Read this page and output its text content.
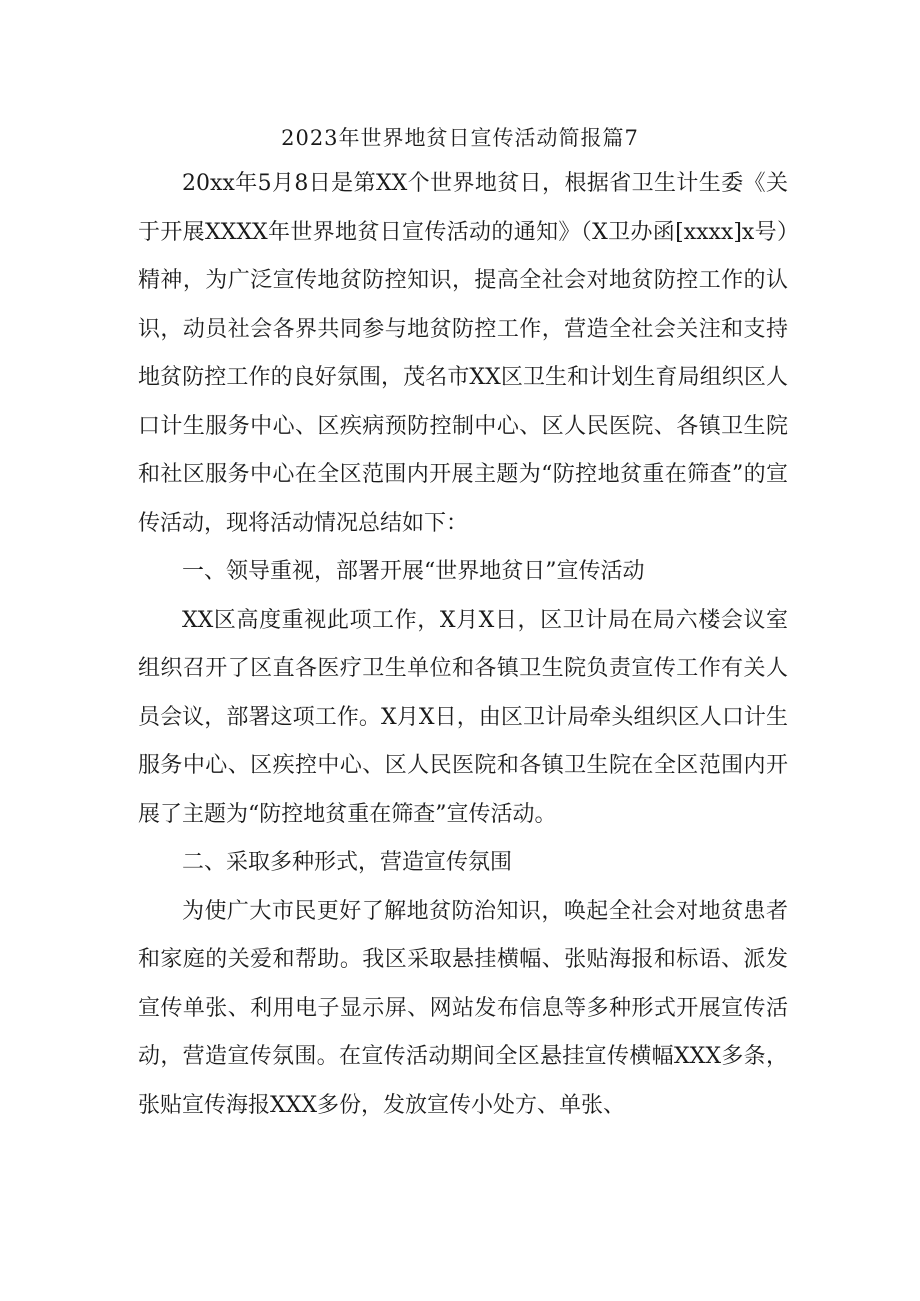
2023年世界地贫日宣传活动简报篇7

20xx年5月8日是第XX个世界地贫日，根据省卫生计生委《关于开展XXXX年世界地贫日宣传活动的通知》（X卫办函[xxxx]x号）精神，为广泛宣传地贫防控知识，提高全社会对地贫防控工作的认识，动员社会各界共同参与地贫防控工作，营造全社会关注和支持地贫防控工作的良好氛围，茂名市XX区卫生和计划生育局组织区人口计生服务中心、区疾病预防控制中心、区人民医院、各镇卫生院和社区服务中心在全区范围内开展主题为“防控地贫重在筛查”的宣传活动，现将活动情况总结如下：

一、领导重视，部署开展“世界地贫日”宣传活动

XX区高度重视此项工作，X月X日，区卫计局在局六楼会议室组织召开了区直各医疗卫生单位和各镇卫生院负责宣传工作有关人员会议，部署这项工作。X月X日，由区卫计局牵头组织区人口计生服务中心、区疾控中心、区人民医院和各镇卫生院在全区范围内开展了主题为“防控地贫重在筛查”宣传活动。

二、采取多种形式，营造宣传氛围

为使广大市民更好了解地贫防治知识，唤起全社会对地贫患者和家庭的关爱和帮助。我区采取悬挂横幅、张贴海报和标语、派发宣传单张、利用电子显示屏、网站发布信息等多种形式开展宣传活动，营造宣传氛围。在宣传活动期间全区悬挂宣传横幅XXX多条，张贴宣传海报XXX多份，发放宣传小处方、单张、
